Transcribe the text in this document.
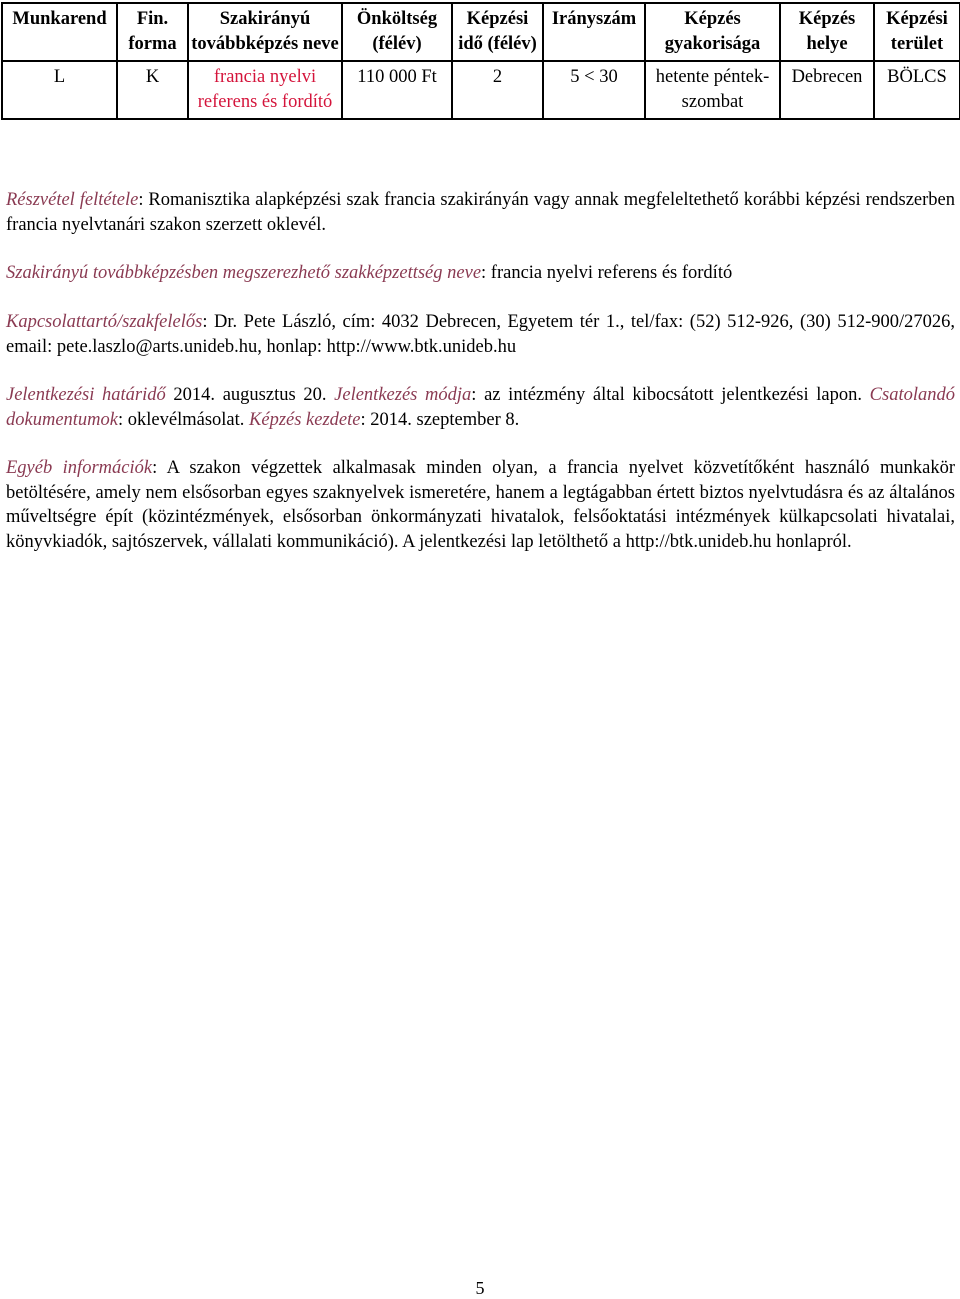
Munkarend	Fin. forma	Szakirányú továbbképzés neve	Önköltség (félév)	Képzési idő (félév)	Irányszám	Képzés gyakorisága	Képzés helye	Képzési terület
L	K	francia nyelvi referens és fordító	110 000 Ft	2	5 < 30	hetente péntek-szombat	Debrecen	BÖLCS

Részvétel feltétele: Romanisztika alapképzési szak francia szakirányán vagy annak megfeleltethető korábbi képzési rendszerben francia nyelvtanári szakon szerzett oklevél.

Szakirányú továbbképzésben megszerezhető szakképzettség neve: francia nyelvi referens és fordító

Kapcsolattartó/szakfelelős: Dr. Pete László, cím: 4032 Debrecen, Egyetem tér 1., tel/fax: (52) 512-926, (30) 512-900/27026, email: pete.laszlo@arts.unideb.hu, honlap: http://www.btk.unideb.hu

Jelentkezési határidő 2014. augusztus 20. Jelentkezés módja: az intézmény által kibocsátott jelentkezési lapon. Csatolandó dokumentumok: oklevélmásolat. Képzés kezdete: 2014. szeptember 8.

Egyéb információk: A szakon végzettek alkalmasak minden olyan, a francia nyelvet közvetítőként használó munkakör betöltésére, amely nem elsősorban egyes szaknyelvek ismeretére, hanem a legtágabban értett biztos nyelvtudásra és az általános műveltségre épít (közintézmények, elsősorban önkormányzati hivatalok, felsőoktatási intézmények külkapcsolati hivatalai, könyvkiadók, sajtószervek, vállalati kommunikáció). A jelentkezési lap letölthető a http://btk.unideb.hu honlapról.

5
